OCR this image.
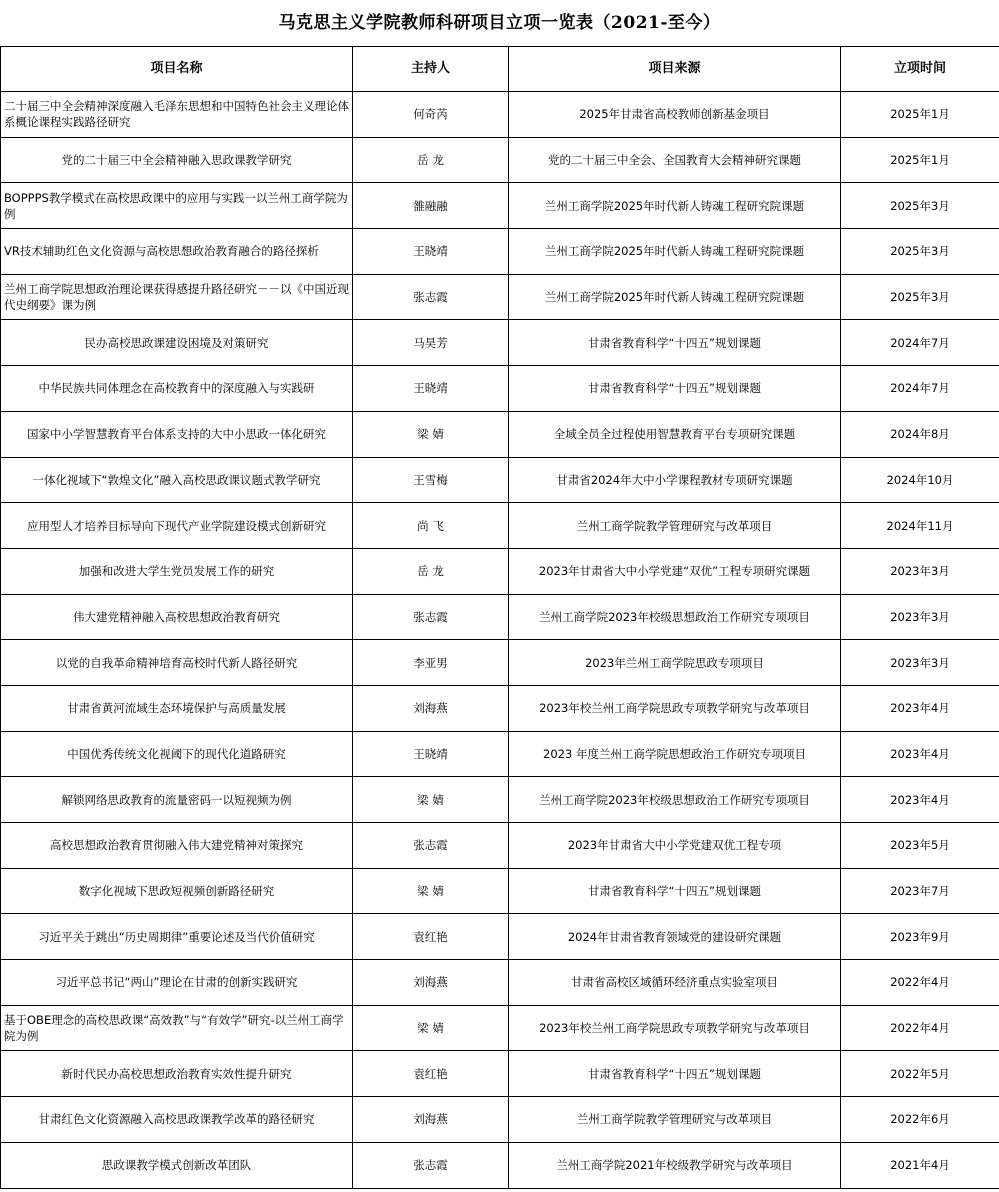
马克思主义学院教师科研项目立项一览表（2021-至今）
项目名称	主持人	项目来源	立项时间
二十届三中全会精神深度融入毛泽东思想和中国特色社会主义理论体系概论课程实践路径研究	何奇芮	2025年甘肃省高校教师创新基金项目	2025年1月
党的二十届三中全会精神融入思政课教学研究	岳 龙	党的二十届三中全会、全国教育大会精神研究课题	2025年1月
BOPPPS教学模式在高校思政课中的应用与实践一以兰州工商学院为例	雒融融	兰州工商学院2025年时代新人铸魂工程研究院课题	2025年3月
VR技术辅助红色文化资源与高校思想政治教育融合的路径探析	王晓靖	兰州工商学院2025年时代新人铸魂工程研究院课题	2025年3月
兰州工商学院思想政治理论课获得感提升路径研究－－以《中国近现代史纲要》课为例	张志霞	兰州工商学院2025年时代新人铸魂工程研究院课题	2025年3月
民办高校思政课建设困境及对策研究	马昊芳	甘肃省教育科学“十四五”规划课题	2024年7月
中华民族共同体理念在高校教育中的深度融入与实践研	王晓靖	甘肃省教育科学“十四五”规划课题	2024年7月
国家中小学智慧教育平台体系支持的大中小思政一体化研究	梁 婧	全域全员全过程使用智慧教育平台专项研究课题	2024年8月
一体化视域下“敦煌文化”融入高校思政课议题式教学研究	王雪梅	甘肃省2024年大中小学课程教材专项研究课题	2024年10月
应用型人才培养目标导向下现代产业学院建设模式创新研究	尚 飞	兰州工商学院教学管理研究与改革项目	2024年11月
加强和改进大学生党员发展工作的研究	岳 龙	2023年甘肃省大中小学党建“双优”工程专项研究课题	2023年3月
伟大建党精神融入高校思想政治教育研究	张志霞	兰州工商学院2023年校级思想政治工作研究专项项目	2023年3月
以党的自我革命精神培育高校时代新人路径研究	李亚男	2023年兰州工商学院思政专项项目	2023年3月
甘肃省黄河流域生态环境保护与高质量发展	刘海燕	2023年校兰州工商学院思政专项教学研究与改革项目	2023年4月
中国优秀传统文化视阈下的现代化道路研究	王晓靖	2023 年度兰州工商学院思想政治工作研究专项项目	2023年4月
解锁网络思政教育的流量密码一以短视频为例	梁 婧	兰州工商学院2023年校级思想政治工作研究专项项目	2023年4月
高校思想政治教育贯彻融入伟大建党精神对策探究	张志霞	2023年甘肃省大中小学党建双优工程专项	2023年5月
数字化视域下思政短视频创新路径研究	梁 婧	甘肃省教育科学“十四五”规划课题	2023年7月
习近平关于跳出“历史周期律”重要论述及当代价值研究	袁红艳	2024年甘肃省教育领域党的建设研究课题	2023年9月
习近平总书记“两山”理论在甘肃的创新实践研究	刘海燕	甘肃省高校区域循环经济重点实验室项目	2022年4月
基于OBE理念的高校思政课“高效教”与“有效学”研究-以兰州工商学院为例	梁 婧	2023年校兰州工商学院思政专项教学研究与改革项目	2022年4月
新时代民办高校思想政治教育实效性提升研究	袁红艳	甘肃省教育科学“十四五”规划课题	2022年5月
甘肃红色文化资源融入高校思政课教学改革的路径研究	刘海燕	兰州工商学院教学管理研究与改革项目	2022年6月
思政课教学模式创新改革团队	张志霞	兰州工商学院2021年校级教学研究与改革项目	2021年4月
